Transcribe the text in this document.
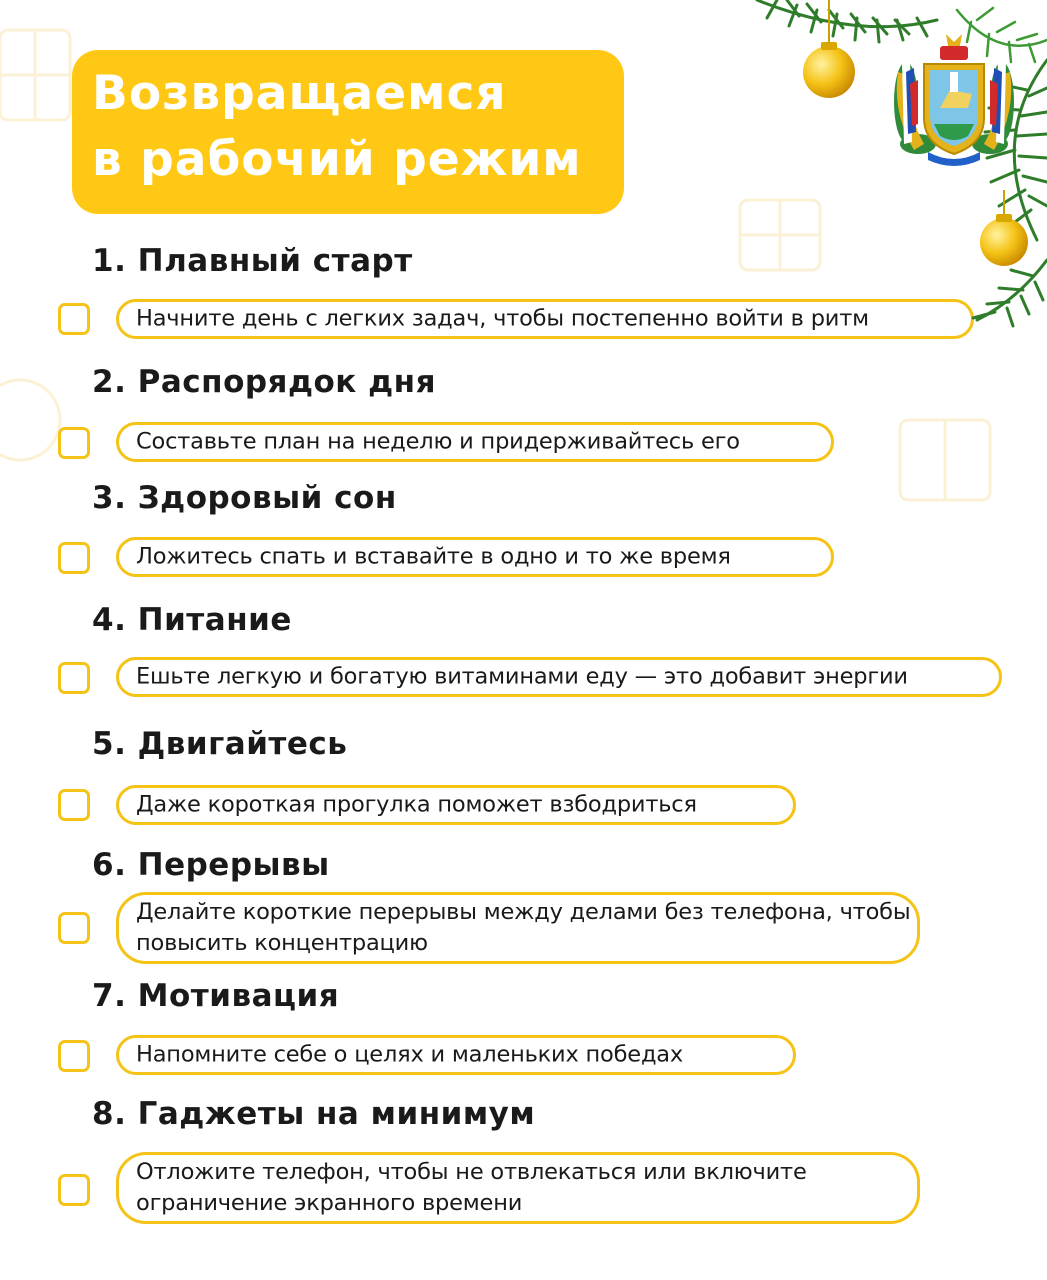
Возвращаемся
в рабочий режим
1. Плавный старт
Начните день с легких задач, чтобы постепенно войти в ритм
2. Распорядок дня
Составьте план на неделю и придерживайтесь его
3. Здоровый сон
Ложитесь спать и вставайте в одно и то же время
4. Питание
Ешьте легкую и богатую витаминами еду — это добавит энергии
5. Двигайтесь
Даже короткая прогулка поможет взбодриться
6. Перерывы
Делайте короткие перерывы между делами без телефона, чтобы повысить концентрацию
7. Мотивация
Напомните себе о целях и маленьких победах
8. Гаджеты на минимум
Отложите телефон, чтобы не отвлекаться или включите ограничение экранного времени
